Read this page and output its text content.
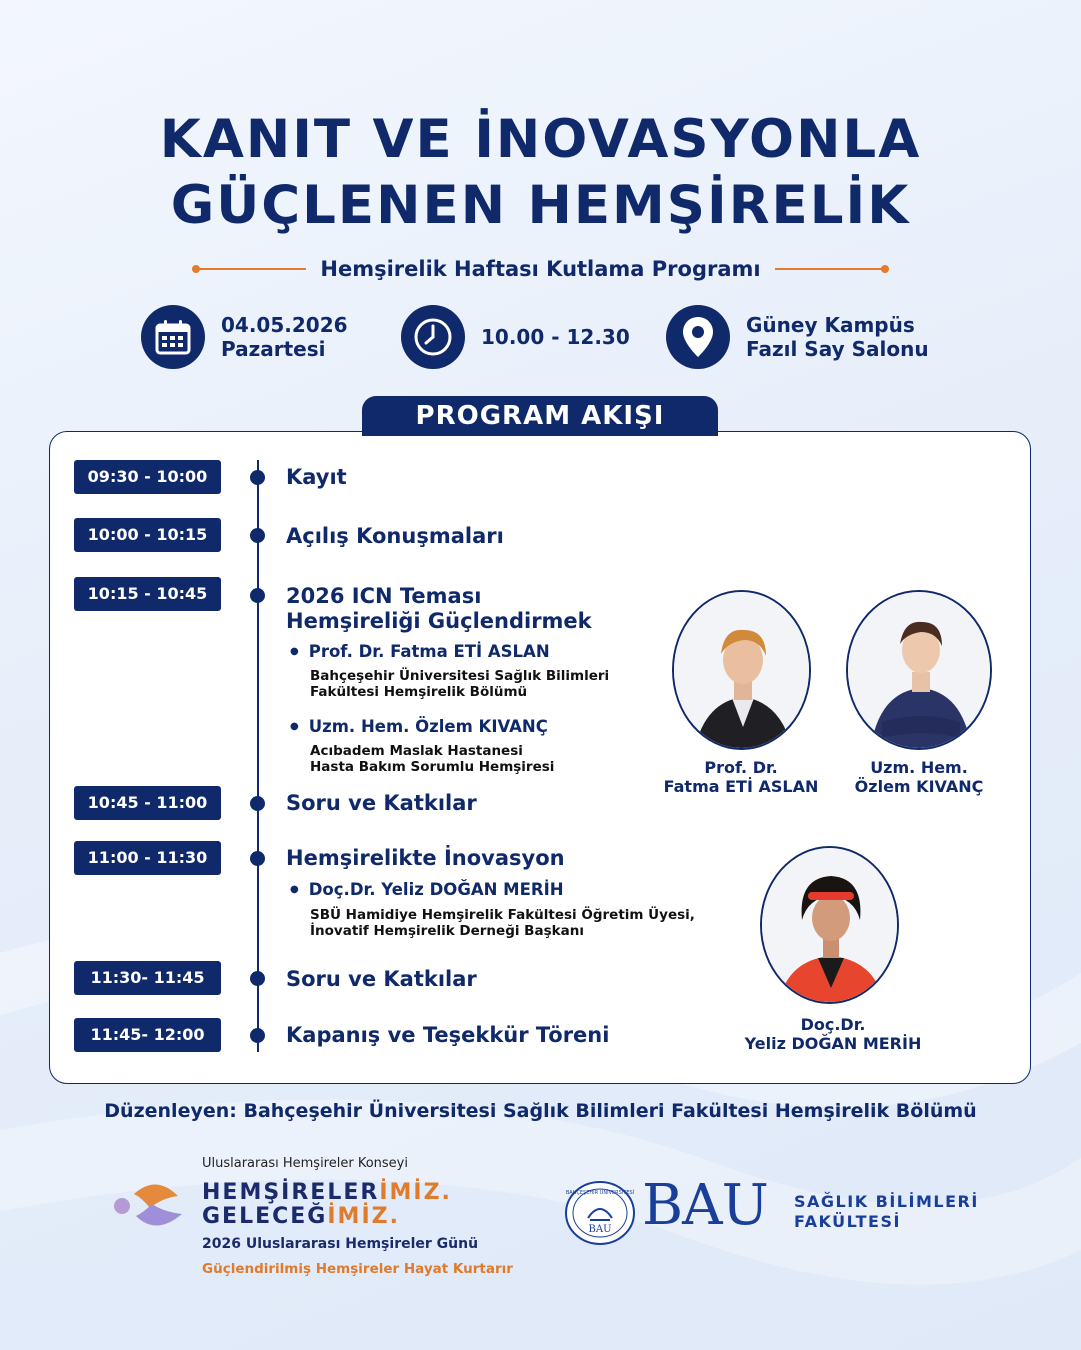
KANIT VE İNOVASYONLA
GÜÇLENEN HEMŞİRELİK
Hemşirelik Haftası Kutlama Programı
04.05.2026
Pazartesi	10.00 - 12.30	Güney Kampüs
Fazıl Say Salonu
PROGRAM AKIŞI
09:30 - 10:00	Kayıt
10:00 - 10:15	Açılış Konuşmaları
10:15 - 10:45	2026 ICN Teması
Hemşireliği Güçlendirmek
● Prof. Dr. Fatma ETİ ASLAN
Bahçeşehir Üniversitesi Sağlık Bilimleri
Fakültesi Hemşirelik Bölümü
● Uzm. Hem. Özlem KIVANÇ
Acıbadem Maslak Hastanesi
Hasta Bakım Sorumlu Hemşiresi
10:45 - 11:00	Soru ve Katkılar
11:00 - 11:30	Hemşirelikte İnovasyon
● Doç.Dr. Yeliz DOĞAN MERİH
SBÜ Hamidiye Hemşirelik Fakültesi Öğretim Üyesi,
İnovatif Hemşirelik Derneği Başkanı
11:30- 11:45	Soru ve Katkılar
11:45- 12:00	Kapanış ve Teşekkür Töreni
Prof. Dr.
Fatma ETİ ASLAN
Uzm. Hem.
Özlem KIVANÇ
Doç.Dr.
Yeliz DOĞAN MERİH
Düzenleyen: Bahçeşehir Üniversitesi Sağlık Bilimleri Fakültesi Hemşirelik Bölümü
Uluslararası Hemşireler Konseyi
HEMŞİRELERİMİZ.
GELECEĞİMİZ.
2026 Uluslararası Hemşireler Günü
Güçlendirilmiş Hemşireler Hayat Kurtarır
BAU
BAHÇEŞEHİR ÜNİVERSİTESİ BAU SAĞLIK BİLİMLERİ
FAKÜLTESİ
